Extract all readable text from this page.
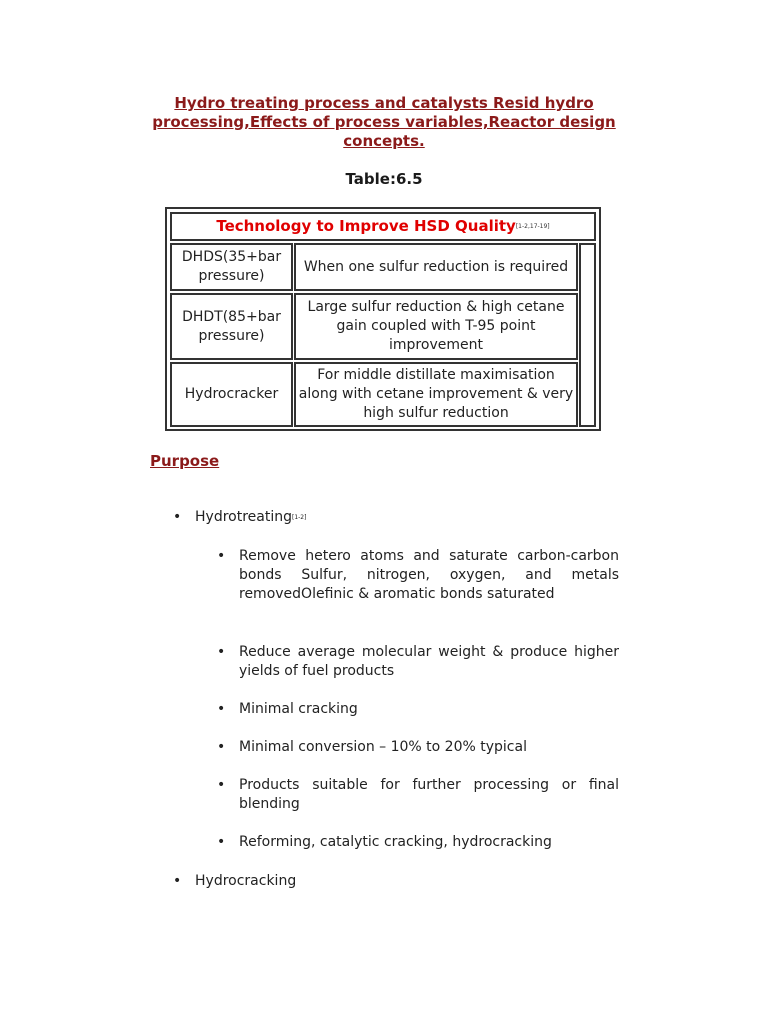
Hydro treating process and catalysts Resid hydro processing,Effects of process variables,Reactor design concepts.
Table:6.5
Technology to Improve HSD Quality[1-2,17-19]
DHDS(35+bar pressure)
When one sulfur reduction is required
DHDT(85+bar pressure)
Large sulfur reduction & high cetane gain coupled with T-95 point improvement
Hydrocracker
For middle distillate maximisation along with cetane improvement & very high sulfur reduction
Purpose
• Hydrotreating[1-2]
• Remove hetero atoms and saturate carbon-carbon bonds Sulfur, nitrogen, oxygen, and metals removedOlefinic & aromatic bonds saturated
• Reduce average molecular weight & produce higher yields of fuel products
• Minimal cracking
• Minimal conversion – 10% to 20% typical
• Products suitable for further processing or final blending
• Reforming, catalytic cracking, hydrocracking
• Hydrocracking
